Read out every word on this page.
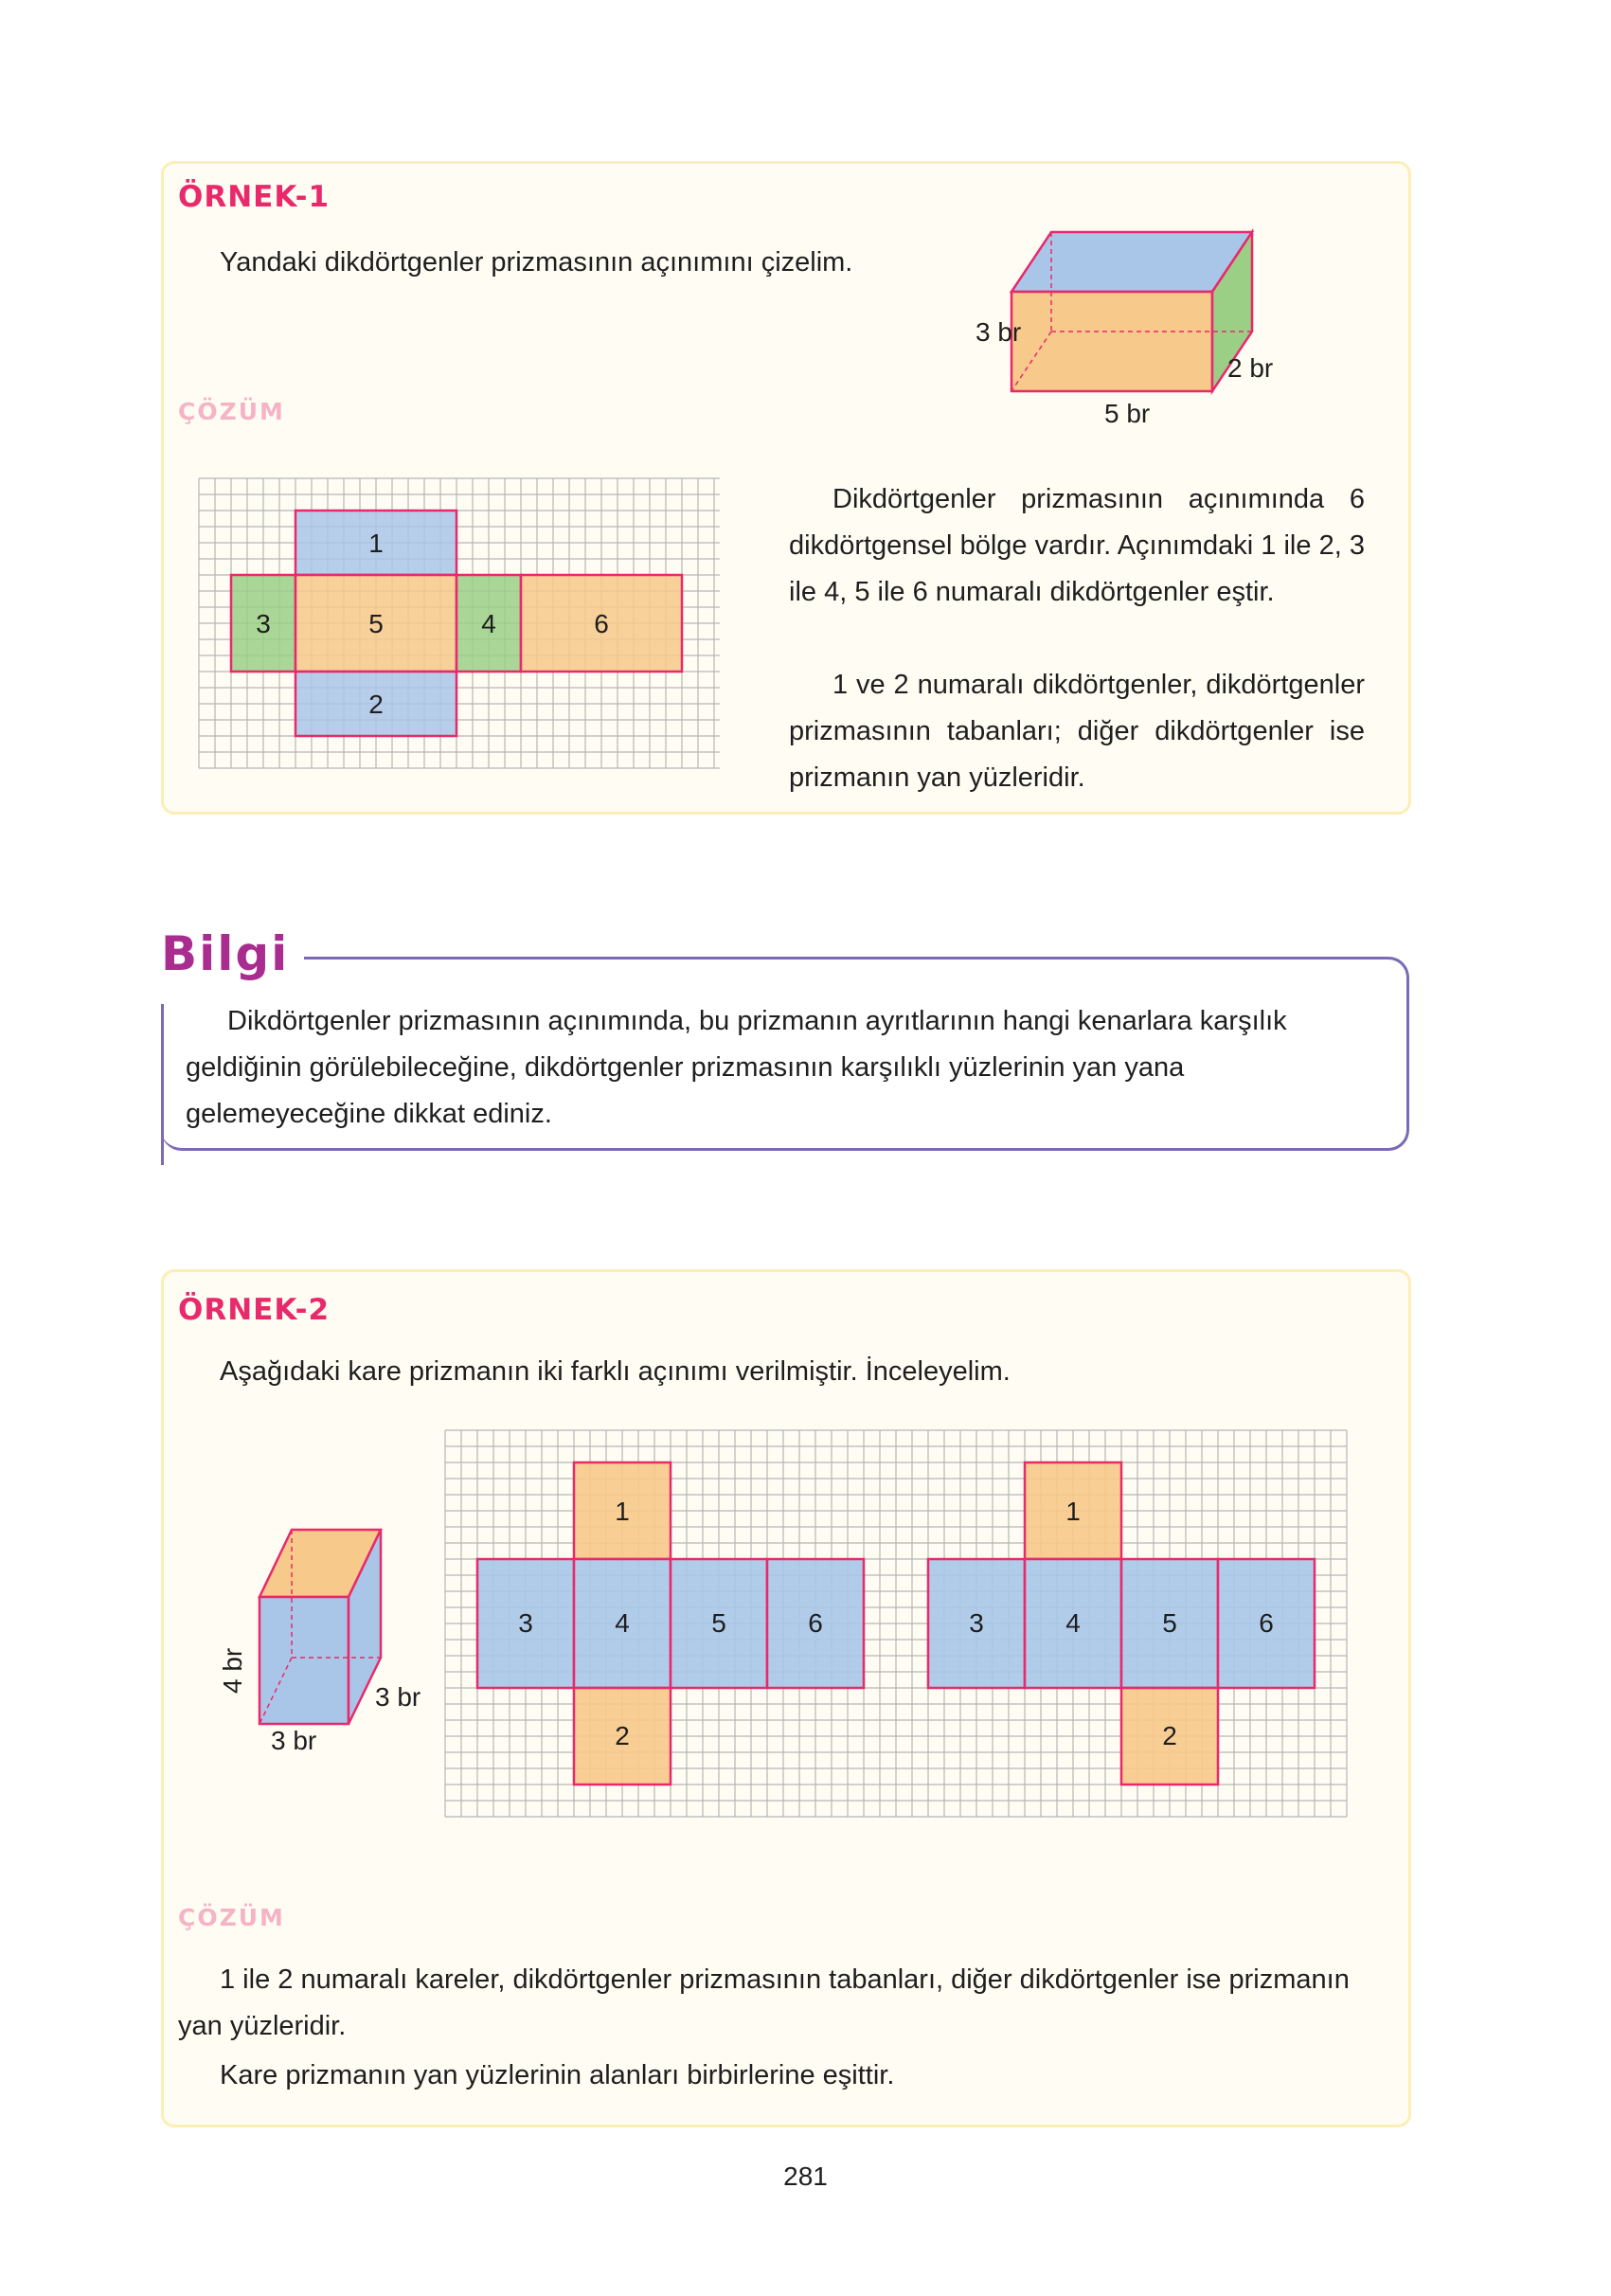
ÖRNEK-1
Yandaki dikdörtgenler prizmasının açınımını çizelim.
ÇÖZÜM
3 br
2 br
5 br
1
3	5	4	6
2
Dikdörtgenler prizmasının açınımında 6 dikdörtgensel bölge vardır. Açınımdaki 1 ile 2, 3 ile 4, 5 ile 6 numaralı dikdörtgenler eştir.
1 ve 2 numaralı dikdörtgenler, dikdörtgenler prizmasının tabanları; diğer dikdörtgenler ise prizmanın yan yüzleridir.
Bilgi
Dikdörtgenler prizmasının açınımında, bu prizmanın ayrıtlarının hangi kenarlara karşılık geldiğinin görülebileceğine, dikdörtgenler prizmasının karşılıklı yüzlerinin yan yana gelemeyeceğine dikkat ediniz.
ÖRNEK-2
Aşağıdaki kare prizmanın iki farklı açınımı verilmiştir. İnceleyelim.
4 br
3 br
3 br
1
3	4	5	6
2
1
3	4	5	6
2
ÇÖZÜM
1 ile 2 numaralı kareler, dikdörtgenler prizmasının tabanları, diğer dikdörtgenler ise prizmanın yan yüzleridir.
Kare prizmanın yan yüzlerinin alanları birbirlerine eşittir.
281
